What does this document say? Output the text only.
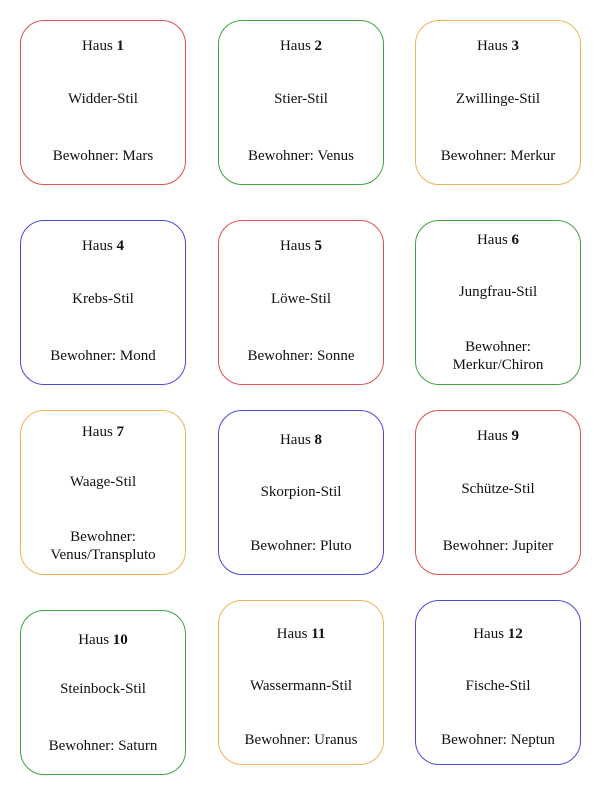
Haus 1
Widder-Stil
Bewohner: Mars
Haus 2
Stier-Stil
Bewohner: Venus
Haus 3
Zwillinge-Stil
Bewohner: Merkur
Haus 4
Krebs-Stil
Bewohner: Mond
Haus 5
Löwe-Stil
Bewohner: Sonne
Haus 6
Jungfrau-Stil
Bewohner:
Merkur/Chiron
Haus 7
Waage-Stil
Bewohner:
Venus/Transpluto
Haus 8
Skorpion-Stil
Bewohner: Pluto
Haus 9
Schütze-Stil
Bewohner: Jupiter
Haus 10
Steinbock-Stil
Bewohner: Saturn
Haus 11
Wassermann-Stil
Bewohner: Uranus
Haus 12
Fische-Stil
Bewohner: Neptun
